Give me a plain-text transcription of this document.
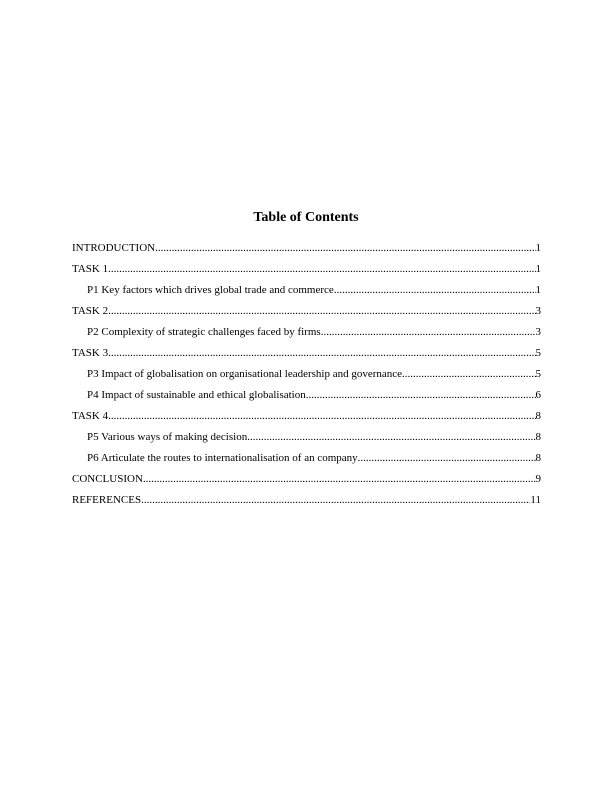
Table of Contents
INTRODUCTION .....	1
TASK 1 .....	1
P1 Key factors which drives global trade and commerce .....	1
TASK 2 .....	3
P2 Complexity of strategic challenges faced by firms .....	3
TASK 3 .....	5
P3 Impact of globalisation on organisational leadership and governance .....	5
P4 Impact of sustainable and ethical globalisation .....	6
TASK 4 .....	8
P5 Various ways of making decision .....	8
P6 Articulate the routes to internationalisation of an company .....	8
CONCLUSION .....	9
REFERENCES .....	11
